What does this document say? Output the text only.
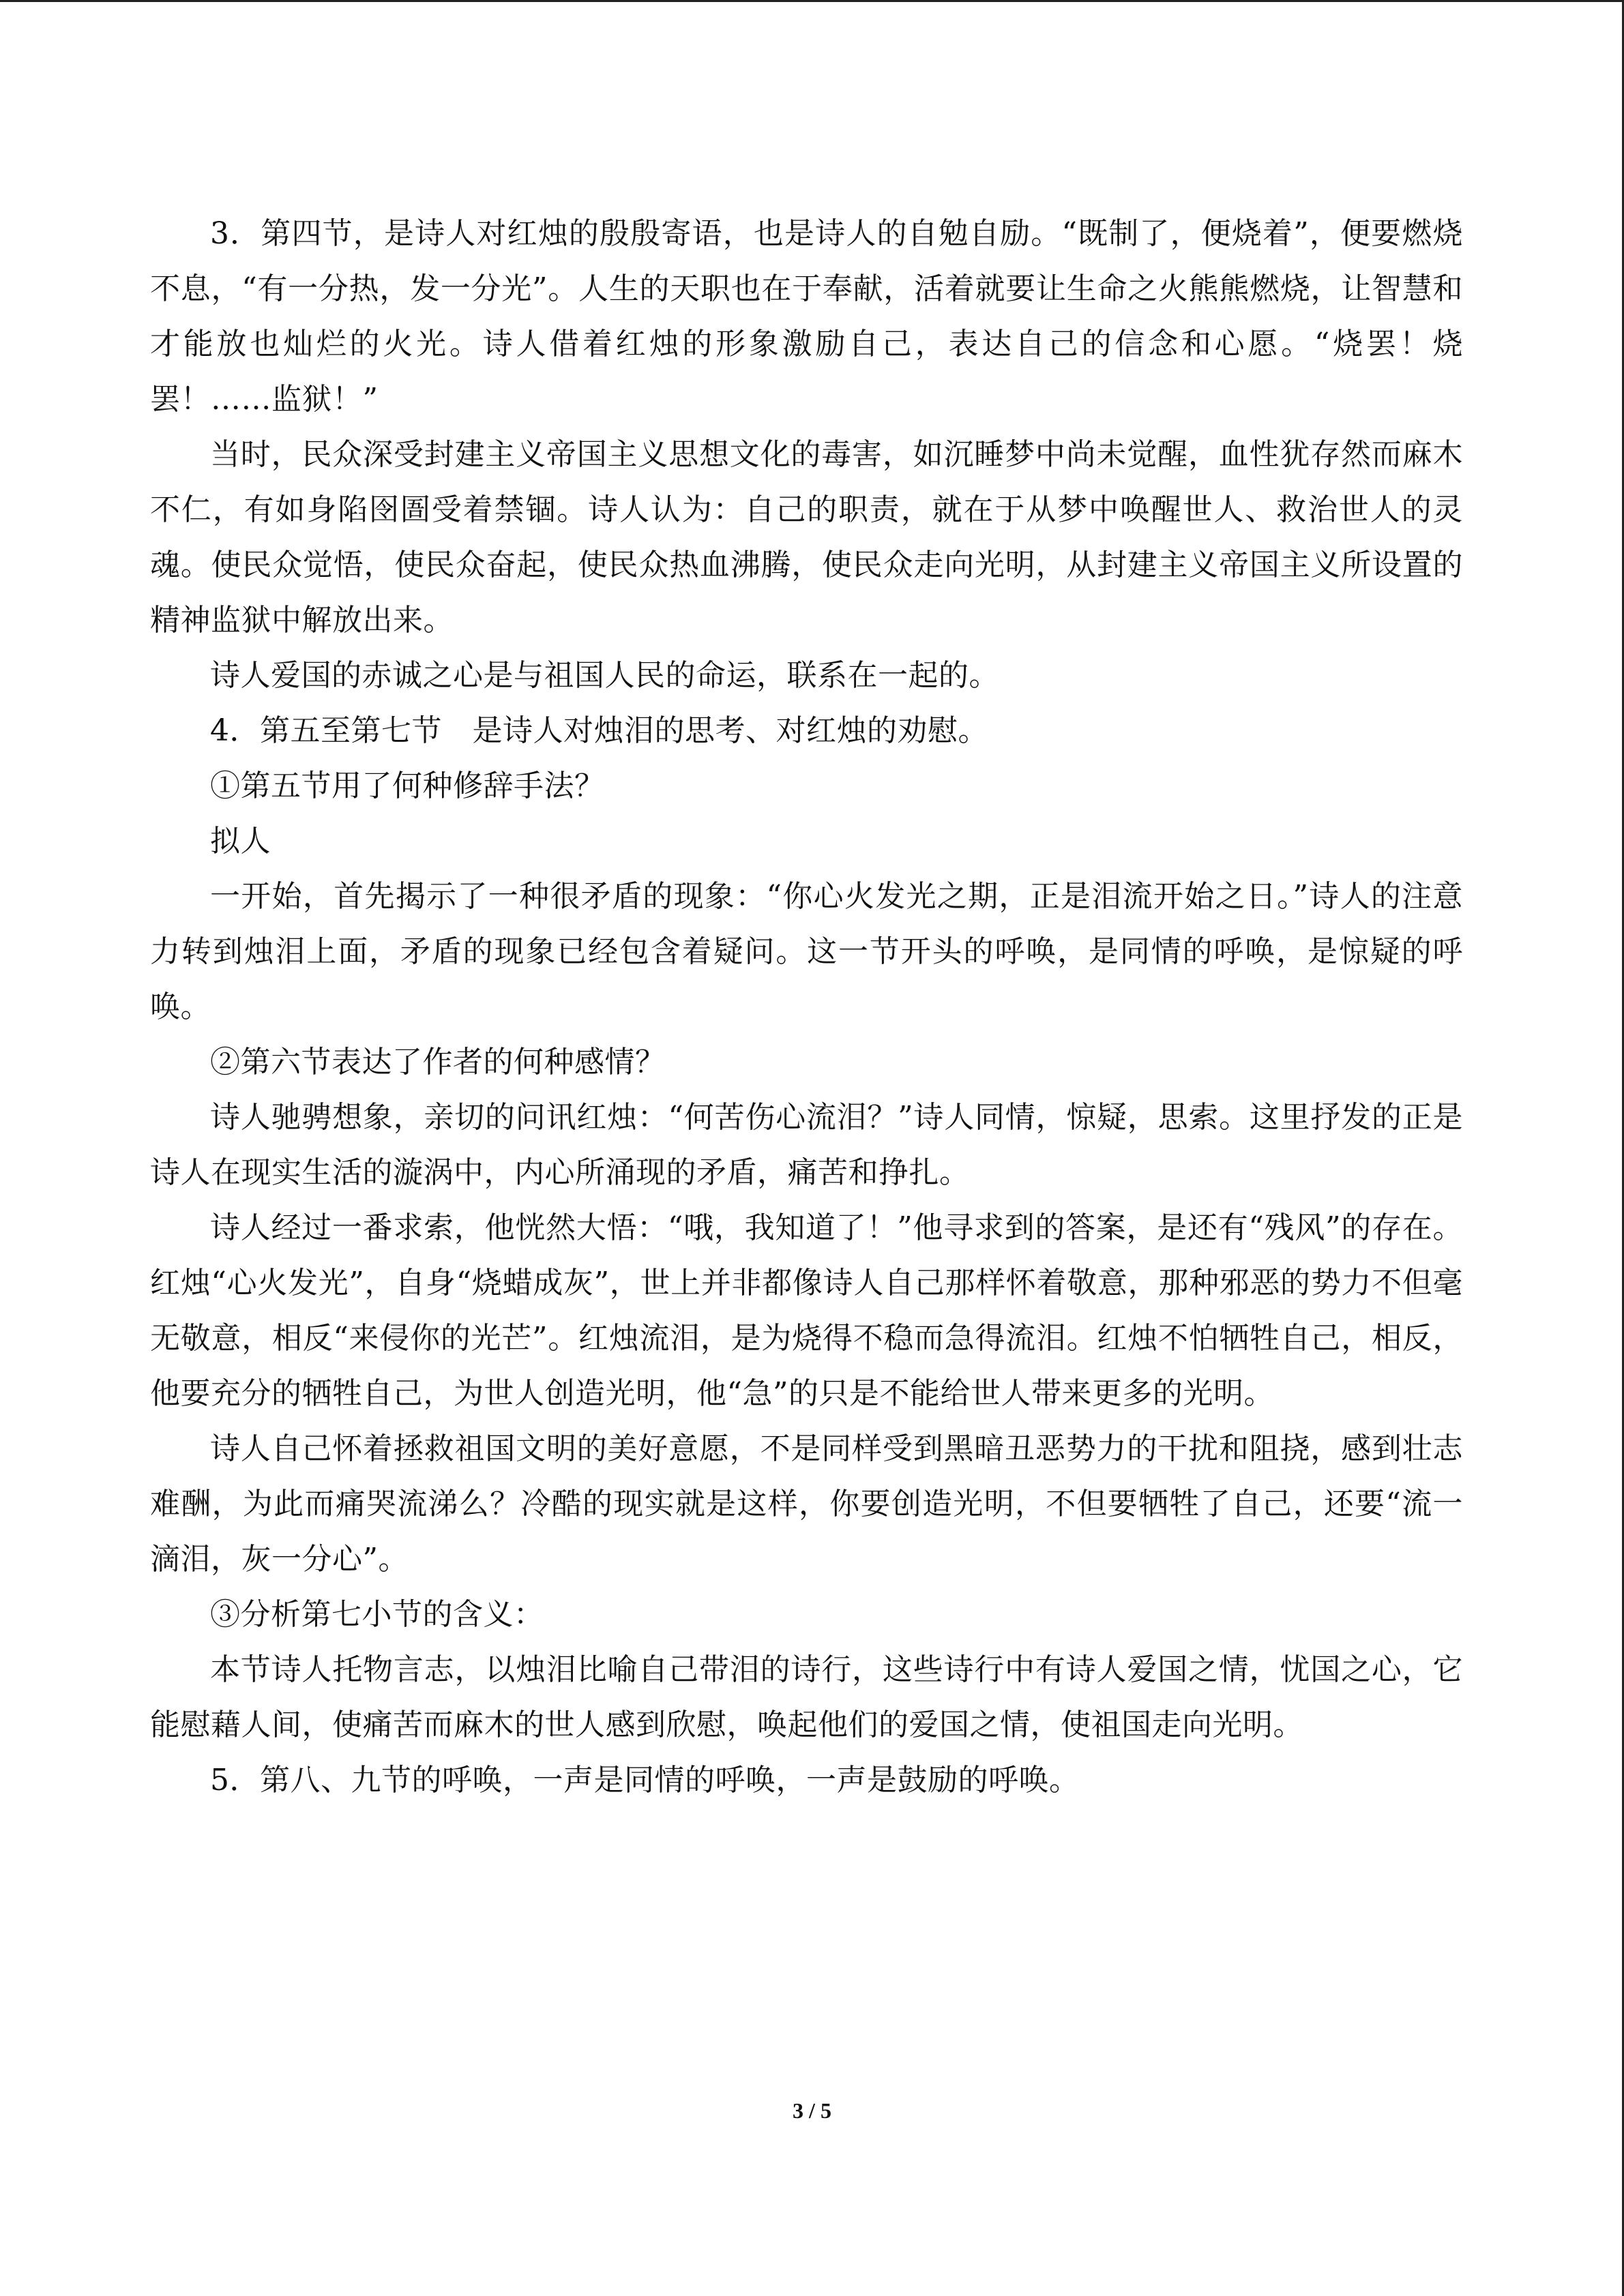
3．第四节，是诗人对红烛的殷殷寄语，也是诗人的自勉自励。“既制了，便烧着”，便要燃烧不息，“有一分热，发一分光”。人生的天职也在于奉献，活着就要让生命之火熊熊燃烧，让智慧和才能放也灿烂的火光。诗人借着红烛的形象激励自己，表达自己的信念和心愿。“烧罢！烧罢！……监狱！”

当时，民众深受封建主义帝国主义思想文化的毒害，如沉睡梦中尚未觉醒，血性犹存然而麻木不仁，有如身陷囹圄受着禁锢。诗人认为：自己的职责，就在于从梦中唤醒世人、救治世人的灵魂。使民众觉悟，使民众奋起，使民众热血沸腾，使民众走向光明，从封建主义帝国主义所设置的精神监狱中解放出来。

诗人爱国的赤诚之心是与祖国人民的命运，联系在一起的。

4．第五至第七节　是诗人对烛泪的思考、对红烛的劝慰。

①第五节用了何种修辞手法？

拟人

一开始，首先揭示了一种很矛盾的现象：“你心火发光之期，正是泪流开始之日。”诗人的注意力转到烛泪上面，矛盾的现象已经包含着疑问。这一节开头的呼唤，是同情的呼唤，是惊疑的呼唤。

②第六节表达了作者的何种感情？

诗人驰骋想象，亲切的问讯红烛：“何苦伤心流泪？”诗人同情，惊疑，思索。这里抒发的正是诗人在现实生活的漩涡中，内心所涌现的矛盾，痛苦和挣扎。

诗人经过一番求索，他恍然大悟：“哦，我知道了！”他寻求到的答案，是还有“残风”的存在。红烛“心火发光”，自身“烧蜡成灰”，世上并非都像诗人自己那样怀着敬意，那种邪恶的势力不但毫无敬意，相反“来侵你的光芒”。红烛流泪，是为烧得不稳而急得流泪。红烛不怕牺牲自己，相反，他要充分的牺牲自己，为世人创造光明，他“急”的只是不能给世人带来更多的光明。

诗人自己怀着拯救祖国文明的美好意愿，不是同样受到黑暗丑恶势力的干扰和阻挠，感到壮志难酬，为此而痛哭流涕么？冷酷的现实就是这样，你要创造光明，不但要牺牲了自己，还要“流一滴泪，灰一分心”。

③分析第七小节的含义：

本节诗人托物言志，以烛泪比喻自己带泪的诗行，这些诗行中有诗人爱国之情，忧国之心，它能慰藉人间，使痛苦而麻木的世人感到欣慰，唤起他们的爱国之情，使祖国走向光明。

5．第八、九节的呼唤，一声是同情的呼唤，一声是鼓励的呼唤。

3 / 5
